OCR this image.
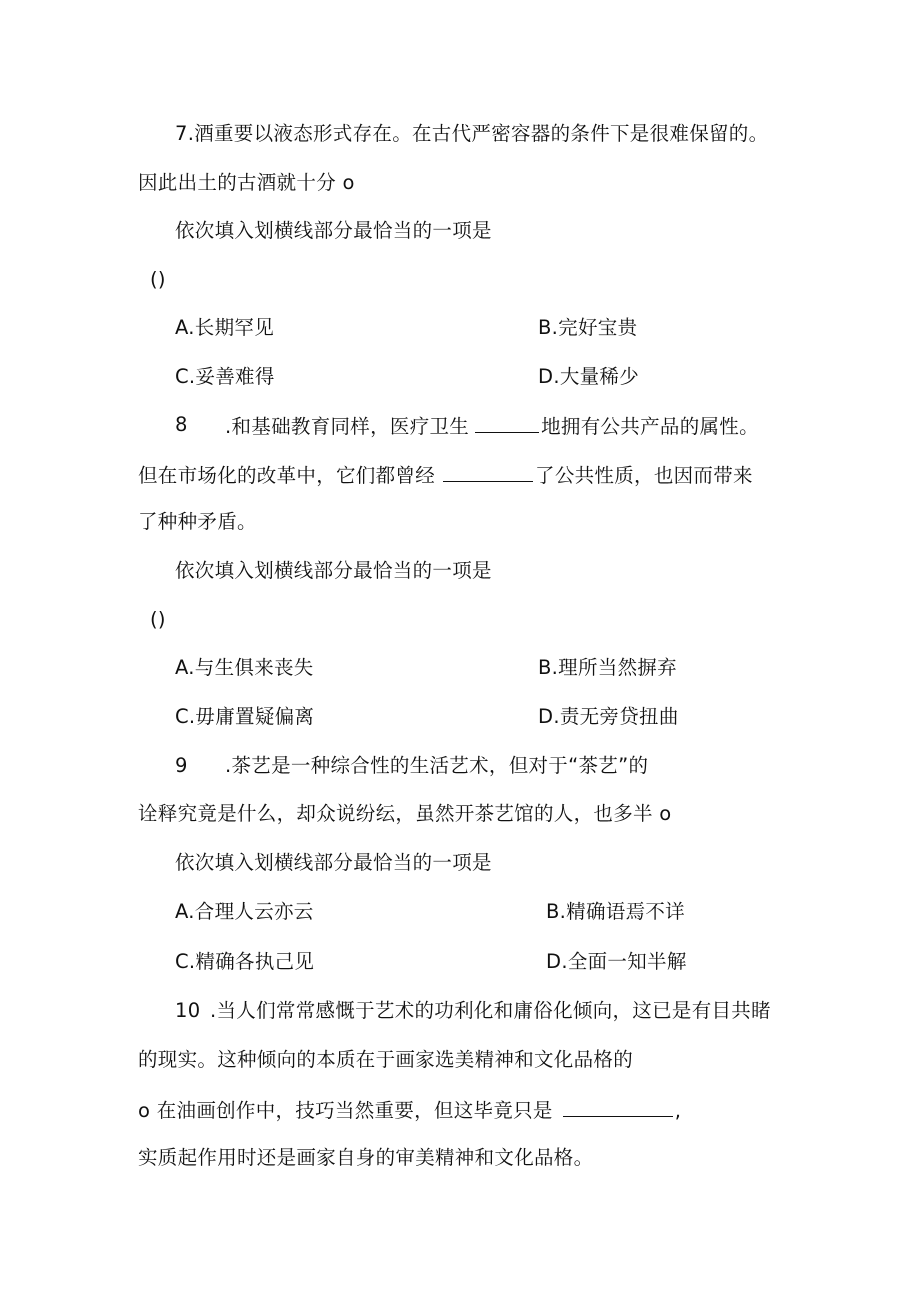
7.酒重要以液态形式存在。在古代严密容器的条件下是很难保留的。
因此出土的古酒就十分 o
依次填入划横线部分最恰当的一项是
()
A.长期罕见	B.完好宝贵
C.妥善难得	D.大量稀少
8 .和基础教育同样，医疗卫生	地拥有公共产品的属性。
但在市场化的改革中，它们都曾经	了公共性质，也因而带来
了种种矛盾。
依次填入划横线部分最恰当的一项是
()
A.与生俱来丧失	B.理所当然摒弃
C.毋庸置疑偏离	D.责无旁贷扭曲
9 .茶艺是一种综合性的生活艺术，但对于“茶艺”的
诠释究竟是什么，却众说纷纭，虽然开茶艺馆的人，也多半 o
依次填入划横线部分最恰当的一项是
A.合理人云亦云	B.精确语焉不详
C.精确各执己见	D.全面一知半解
10 .当人们常常感慨于艺术的功利化和庸俗化倾向，这已是有目共睹
的现实。这种倾向的本质在于画家选美精神和文化品格的
o 在油画创作中，技巧当然重要，但这毕竟只是	,
实质起作用时还是画家自身的审美精神和文化品格。
